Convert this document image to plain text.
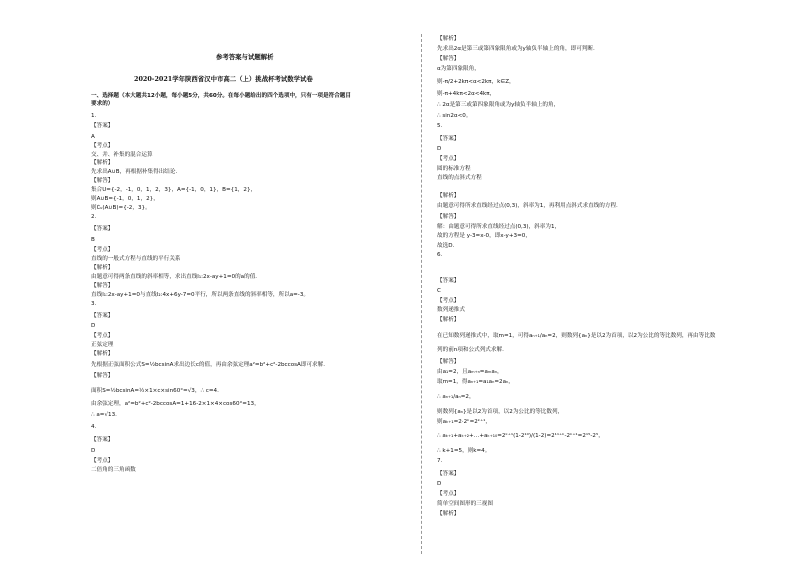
参考答案与试题解析
2020-2021学年陕西省汉中市高二（上）挑战杯考试数学试卷
一、选择题（本大题共12小题，每小题5分，共60分。在每小题给出的四个选项中，只有一项是符合题目
要求的）
1.
【答案】
A
【考点】
交、并、补集的混合运算
【解析】
先求出A∪B，再根据补集得出结论.
【解答】
集合U={-2，-1，0，1，2，3}，A={-1，0，1}，B={1，2}，
则A∪B={-1，0，1，2}，
则∁ᵤ(A∪B)={-2，3}。
2.
【答案】
B
【考点】
直线的一般式方程与直线的平行关系
【解析】
由题意可得两条直线的斜率相等，求出直线l₁:2x-ay+1=0的a的值.
【解答】
直线l₁:2x-ay+1=0与直线l₂:4x+6y-7=0平行，所以两条直线的斜率相等，所以a=-3。
3.
【答案】
D
【考点】
正弦定理
【解析】
先根据正弦面积公式S=½bcsinA求出边长c的值，再由余弦定理a²=b²+c²-2bccosA即可求解.
【解答】
面积S=½bcsinA=½×1×c×sin60°=√3，∴ c=4.
由余弦定理，a²=b²+c²-2bccosA=1+16-2×1×4×cos60°=13，
∴ a=√13.
4.
【答案】
D
【考点】
二倍角的三角函数
【解析】
先求出2α是第三或第四象限角或为y轴负半轴上的角，即可判断.
【解答】
α为第四象限角，
则-π/2+2kπ<α<2kπ，k∈Z，
则-π+4kπ<2α<4kπ，
∴ 2α是第三或第四象限角或为y轴负半轴上的角，
∴ sin2α<0。
5.
【答案】
D
【考点】
圆的标准方程
直线的点斜式方程
【解析】
由题意可得所求直线经过点(0,3)，斜率为1，再利用点斜式求直线的方程.
【解答】
解：由题意可得所求直线经过点(0,3)，斜率为1，
故的方程是 y-3=x-0，即x-y+3=0，
故选D.
6.
【答案】
C
【考点】
数列递推式
【解析】
在已知数列递推式中，取m=1，可得aₙ₊₁/aₙ=2，则数列{aₙ}是以2为首项，以2为公比的等比数列，再由等比数
列的前n项和公式列式求解.
【解答】
由a₁=2，且aₘ₊ₙ=aₘaₙ，
取m=1，得aₙ₊₁=a₁aₙ=2aₙ，
∴ aₙ₊₁/aₙ=2，
则数列{aₙ}是以2为首项，以2为公比的等比数列，
则aₖ₊₁=2·2ᵏ=2ᵏ⁺¹，
∴ aₖ₊₁+aₖ₊₂+…+aₖ₊₁₀=2ᵏ⁺¹(1-2¹⁰)/(1-2)=2¹¹⁺ᵏ-2ᵏ⁺¹=2¹⁵-2⁵，
∴ k+1=5，则k=4。
7.
【答案】
D
【考点】
简单空间图形的三视图
【解析】
